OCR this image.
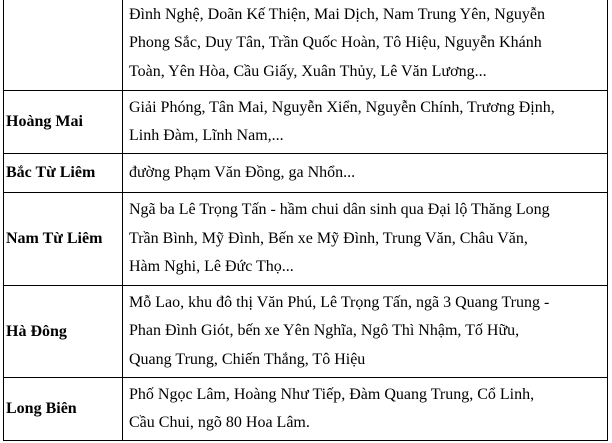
	Đình Nghệ, Doãn Kế Thiện, Mai Dịch, Nam Trung Yên, Nguyễn
Phong Sắc, Duy Tân, Trần Quốc Hoàn, Tô Hiệu, Nguyễn Khánh
Toàn, Yên Hòa, Cầu Giấy, Xuân Thủy, Lê Văn Lương...

Hoàng Mai	Giải Phóng, Tân Mai, Nguyễn Xiển, Nguyễn Chính, Trương Định,
Linh Đàm, Lĩnh Nam,...

Bắc Từ Liêm	đường Phạm Văn Đồng, ga Nhổn...

Nam Từ Liêm	Ngã ba Lê Trọng Tấn - hầm chui dân sinh qua Đại lộ Thăng Long
Trần Bình, Mỹ Đình, Bến xe Mỹ Đình, Trung Văn, Châu Văn,
Hàm Nghi, Lê Đức Thọ...

Hà Đông	Mỗ Lao, khu đô thị Văn Phú, Lê Trọng Tấn, ngã 3 Quang Trung -
Phan Đình Giót, bến xe Yên Nghĩa, Ngô Thì Nhậm, Tố Hữu,
Quang Trung, Chiến Thắng, Tô Hiệu

Long Biên	Phố Ngọc Lâm, Hoàng Như Tiếp, Đàm Quang Trung, Cổ Linh,
Cầu Chui, ngõ 80 Hoa Lâm.
